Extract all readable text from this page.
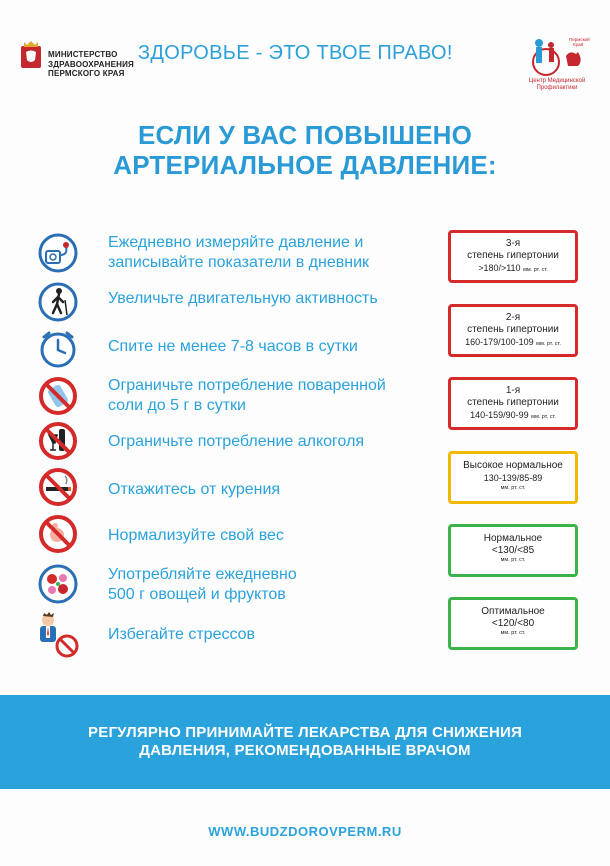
МИНИСТЕРСТВО
ЗДРАВООХРАНЕНИЯ
ПЕРМСКОГО КРАЯ
ЗДОРОВЬЕ - ЭТО ТВОЕ ПРАВО!
Пермский
Край
Центр Медицинской
Профилактики
ЕСЛИ У ВАС ПОВЫШЕНО
АРТЕРИАЛЬНОЕ ДАВЛЕНИЕ:
Ежедневно измеряйте давление и
записывайте показатели в дневник
Увеличьте двигательную активность
Спите не менее 7-8 часов в сутки
Ограничьте потребление поваренной
соли до 5 г в сутки
Ограничьте потребление алкоголя
Откажитесь от курения
Нормализуйте свой вес
Употребляйте ежедневно
500 г овощей и фруктов
Избегайте стрессов
3-я
степень гипертонии
>180/>110 мм. рт. ст.
2-я
степень гипертонии
160-179/100-109 мм. рт. ст.
1-я
степень гипертонии
140-159/90-99 мм. рт. ст.
Высокое нормальное
130-139/85-89
мм. рт. ст.
Нормальное
<130/<85
мм. рт. ст.
Оптимальное
<120/<80
мм. рт. ст.
РЕГУЛЯРНО ПРИНИМАЙТЕ ЛЕКАРСТВА ДЛЯ СНИЖЕНИЯ
ДАВЛЕНИЯ, РЕКОМЕНДОВАННЫЕ ВРАЧОМ
WWW.BUDZDOROVPERM.RU
